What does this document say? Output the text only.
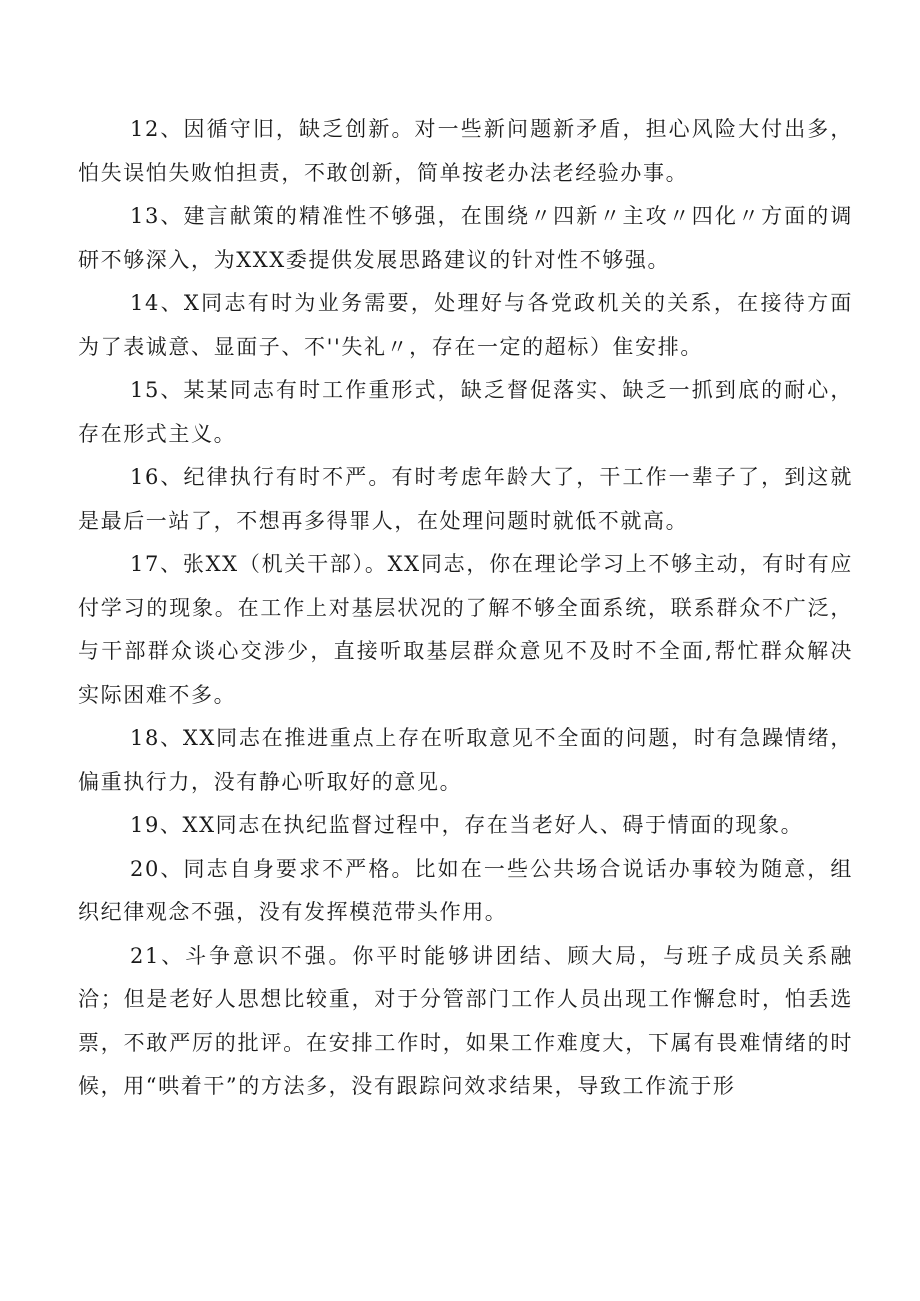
12、因循守旧，缺乏创新。对一些新问题新矛盾，担心风险大付出多，怕失误怕失败怕担责，不敢创新，简单按老办法老经验办事。

13、建言献策的精准性不够强，在围绕〃四新〃主攻〃四化〃方面的调研不够深入，为XXX委提供发展思路建议的针对性不够强。

14、X同志有时为业务需要，处理好与各党政机关的关系，在接待方面为了表诚意、显面子、不''失礼〃，存在一定的超标）隹安排。

15、某某同志有时工作重形式，缺乏督促落实、缺乏一抓到底的耐心，存在形式主义。

16、纪律执行有时不严。有时考虑年龄大了，干工作一辈子了，到这就是最后一站了，不想再多得罪人，在处理问题时就低不就高。

17、张XX（机关干部）。XX同志，你在理论学习上不够主动，有时有应付学习的现象。在工作上对基层状况的了解不够全面系统，联系群众不广泛，与干部群众谈心交涉少，直接听取基层群众意见不及时不全面,帮忙群众解决实际困难不多。

18、XX同志在推进重点上存在听取意见不全面的问题，时有急躁情绪，偏重执行力，没有静心听取好的意见。

19、XX同志在执纪监督过程中，存在当老好人、碍于情面的现象。

20、同志自身要求不严格。比如在一些公共场合说话办事较为随意，组织纪律观念不强，没有发挥模范带头作用。

21、斗争意识不强。你平时能够讲团结、顾大局，与班子成员关系融洽；但是老好人思想比较重，对于分管部门工作人员出现工作懈怠时，怕丢选票，不敢严厉的批评。在安排工作时，如果工作难度大，下属有畏难情绪的时候，用“哄着干”的方法多，没有跟踪问效求结果，导致工作流于形
